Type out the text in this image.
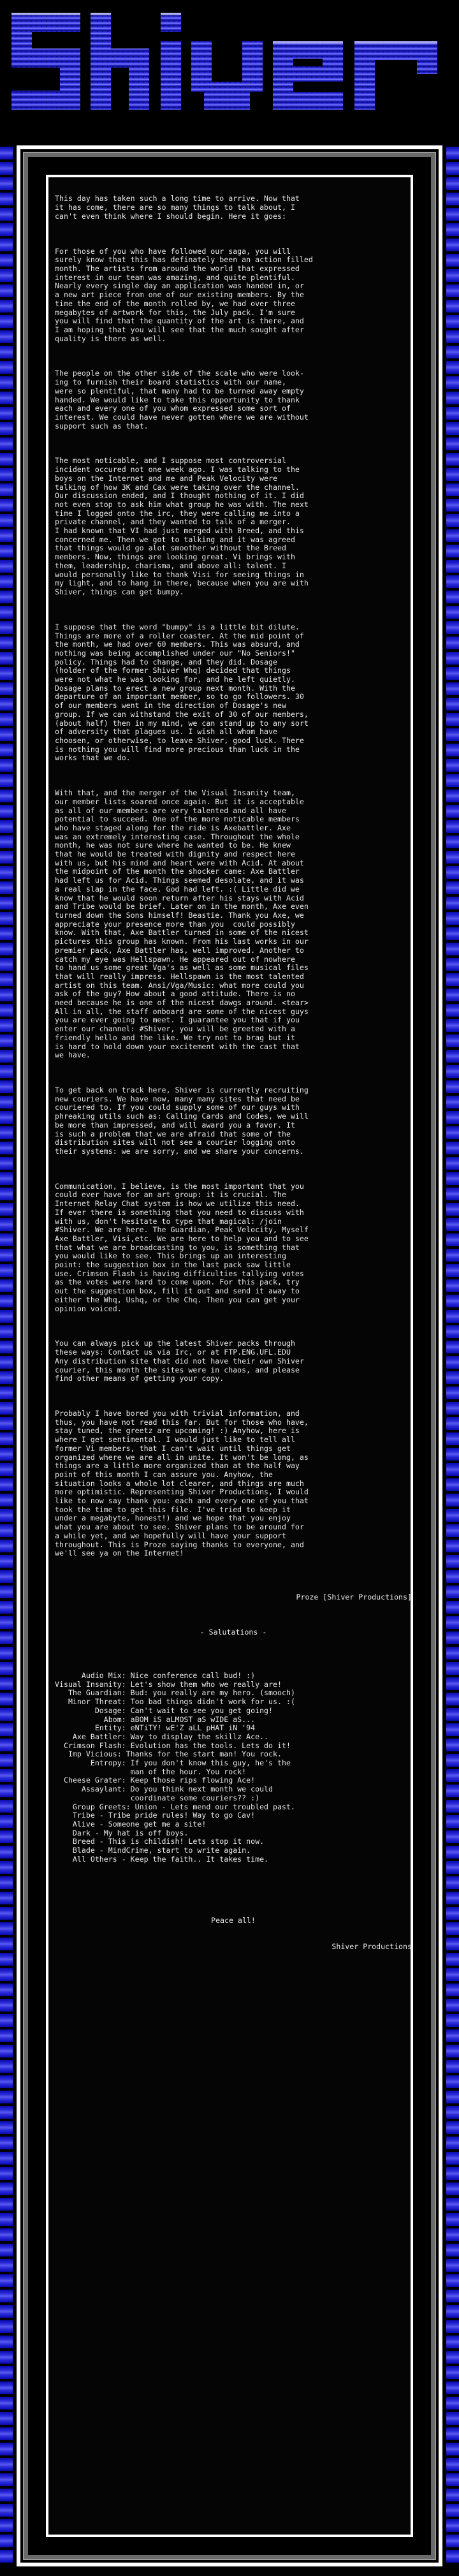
This day has taken such a long time to arrive. Now that
it has come, there are so many things to talk about, I
can't even think where I should begin. Here it goes:

For those of you who have followed our saga, you will
surely know that this has definately been an action filled
month. The artists from around the world that expressed
interest in our team was amazing, and quite plentiful.
Nearly every single day an application was handed in, or
a new art piece from one of our existing members. By the
time the end of the month rolled by, we had over three
megabytes of artwork for this, the July pack. I'm sure
you will find that the quantity of the art is there, and
I am hoping that you will see that the much sought after
quality is there as well.

The people on the other side of the scale who were look-
ing to furnish their board statistics with our name,
were so plentiful, that many had to be turned away empty
handed. We would like to take this opportunity to thank
each and every one of you whom expressed some sort of
interest. We could have never gotten where we are without
support such as that.

The most noticable, and I suppose most controversial
incident occured not one week ago. I was talking to the
boys on the Internet and me and Peak Velocity were
talking of how 3K and Cax were taking over the channel.
Our discussion ended, and I thought nothing of it. I did
not even stop to ask him what group he was with. The next
time I logged onto the irc, they were calling me into a
private channel, and they wanted to talk of a merger.
I had known that VI had just merged with Breed, and this
concerned me. Then we got to talking and it was agreed
that things would go alot smoother without the Breed
members. Now, things are looking great. Vi brings with
them, leadership, charisma, and above all: talent. I
would personally like to thank Visi for seeing things in
my light, and to hang in there, because when you are with
Shiver, things can get bumpy.

I suppose that the word "bumpy" is a little bit dilute.
Things are more of a roller coaster. At the mid point of
the month, we had over 60 members. This was absurd, and
nothing was being accomplished under our "No Seniors!"
policy. Things had to change, and they did. Dosage
(holder of the former Shiver Whq) decided that things
were not what he was looking for, and he left quietly.
Dosage plans to erect a new group next month. With the
departure of an important member, so to go followers. 30
of our members went in the direction of Dosage's new
group. If we can withstand the exit of 30 of our members,
(about half) then in my mind, we can stand up to any sort
of adversity that plagues us. I wish all whom have
choosen, or otherwise, to leave Shiver, good luck. There
is nothing you will find more precious than luck in the
works that we do.

With that, and the merger of the Visual Insanity team,
our member lists soared once again. But it is acceptable
as all of our members are very talented and all have
potential to succeed. One of the more noticable members
who have staged along for the ride is Axebattler. Axe
was an extremely interesting case. Throughout the whole
month, he was not sure where he wanted to be. He knew
that he would be treated with dignity and respect here
with us, but his mind and heart were with Acid. At about
the midpoint of the month the shocker came: Axe Battler
had left us for Acid. Things seemed desolate, and it was
a real slap in the face. God had left. :( Little did we
know that he would soon return after his stays with Acid
and Tribe would be brief. Later on in the month, Axe even
turned down the Sons himself! Beastie. Thank you Axe, we
appreciate your presence more than you  could possibly
know. With that, Axe Battler turned in some of the nicest
pictures this group has known. From his last works in our
premier pack, Axe Battler has, well improved. Another to
catch my eye was Hellspawn. He appeared out of nowhere
to hand us some great Vga's as well as some musical files
that will really impress. Hellspawn is the most talented
artist on this team. Ansi/Vga/Music: what more could you
ask of the guy? How about a good attitude. There is no
need because he is one of the nicest dawgs around. <tear>
All in all, the staff onboard are some of the nicest guys
you are ever going to meet. I guarantee you that if you
enter our channel: #Shiver, you will be greeted with a
friendly hello and the like. We try not to brag but it
is hard to hold down your excitement with the cast that
we have.

To get back on track here, Shiver is currently recruiting
new couriers. We have now, many many sites that need be
couriered to. If you could supply some of our guys with
phreaking utils such as: Calling Cards and Codes, we will
be more than impressed, and will award you a favor. It
is such a problem that we are afraid that some of the
distribution sites will not see a courier logging onto
their systems: we are sorry, and we share your concerns.

Communication, I believe, is the most important that you
could ever have for an art group: it is crucial. The
Internet Relay Chat system is how we utilize this need.
If ever there is something that you need to discuss with
with us, don't hesitate to type that magical: /join
#Shiver. We are here. The Guardian, Peak Velocity, Myself
Axe Battler, Visi,etc. We are here to help you and to see
that what we are broadcasting to you, is something that
you would like to see. This brings up an interesting
point: the suggestion box in the last pack saw little
use. Crimson Flash is having difficulties tallying votes
as the votes were hard to come upon. For this pack, try
out the suggestion box, fill it out and send it away to
either the Whq, Ushq, or the Chq. Then you can get your
opinion voiced.

You can always pick up the latest Shiver packs through
these ways: Contact us via Irc, or at FTP.ENG.UFL.EDU
Any distribution site that did not have their own Shiver
courier, this month the sites were in chaos, and please
find other means of getting your copy.

Probably I have bored you with trivial information, and
thus, you have not read this far. But for those who have,
stay tuned, the greetz are upcoming! :) Anyhow, here is
where I get sentimental. I would just like to tell all
former Vi members, that I can't wait until things get
organized where we are all in unite. It won't be long, as
things are a little more organized than at the half way
point of this month I can assure you. Anyhow, the
situation looks a whole lot clearer, and things are much
more optimistic. Representing Shiver Productions, I would
like to now say thank you: each and every one of you that
took the time to get this file. I've tried to keep it
under a megabyte, honest!) and we hope that you enjoy
what you are about to see. Shiver plans to be around for
a while yet, and we hopefully will have your support
throughout. This is Proze saying thanks to everyone, and
we'll see ya on the Internet!

Proze [Shiver Productions]

- Salutations -

Audio Mix: Nice conference call bud! :)
Visual Insanity: Let's show them who we really are!
The Guardian: Bud: you really are my hero. (smooch)
Minor Threat: Too bad things didn't work for us. :(
Dosage: Can't wait to see you get going!
Abom: aBOM iS aLMOST aS wIDE aS...
Entity: eNTiTY! wE'Z aLL pHAT iN '94
Axe Battler: Way to display the skillz Ace..
Crimson Flash: Evolution has the tools. Lets do it!
Imp Vicious: Thanks for the start man! You rock.
Entropy: If you don't know this guy, he's the
man of the hour. You rock!
Cheese Grater: Keep those rips flowing Ace!
Assaylant: Do you think next month we could
coordinate some couriers?? :)
Group Greets: Union - Lets mend our troubled past.
Tribe - Tribe pride rules! Way to go Cav!
Alive - Someone get me a site!
Dark - My hat is off boys.
Breed - This is childish! Lets stop it now.
Blade - MindCrime, start to write again.
All Others - Keep the faith.. It takes time.

Peace all!

Shiver Productions
